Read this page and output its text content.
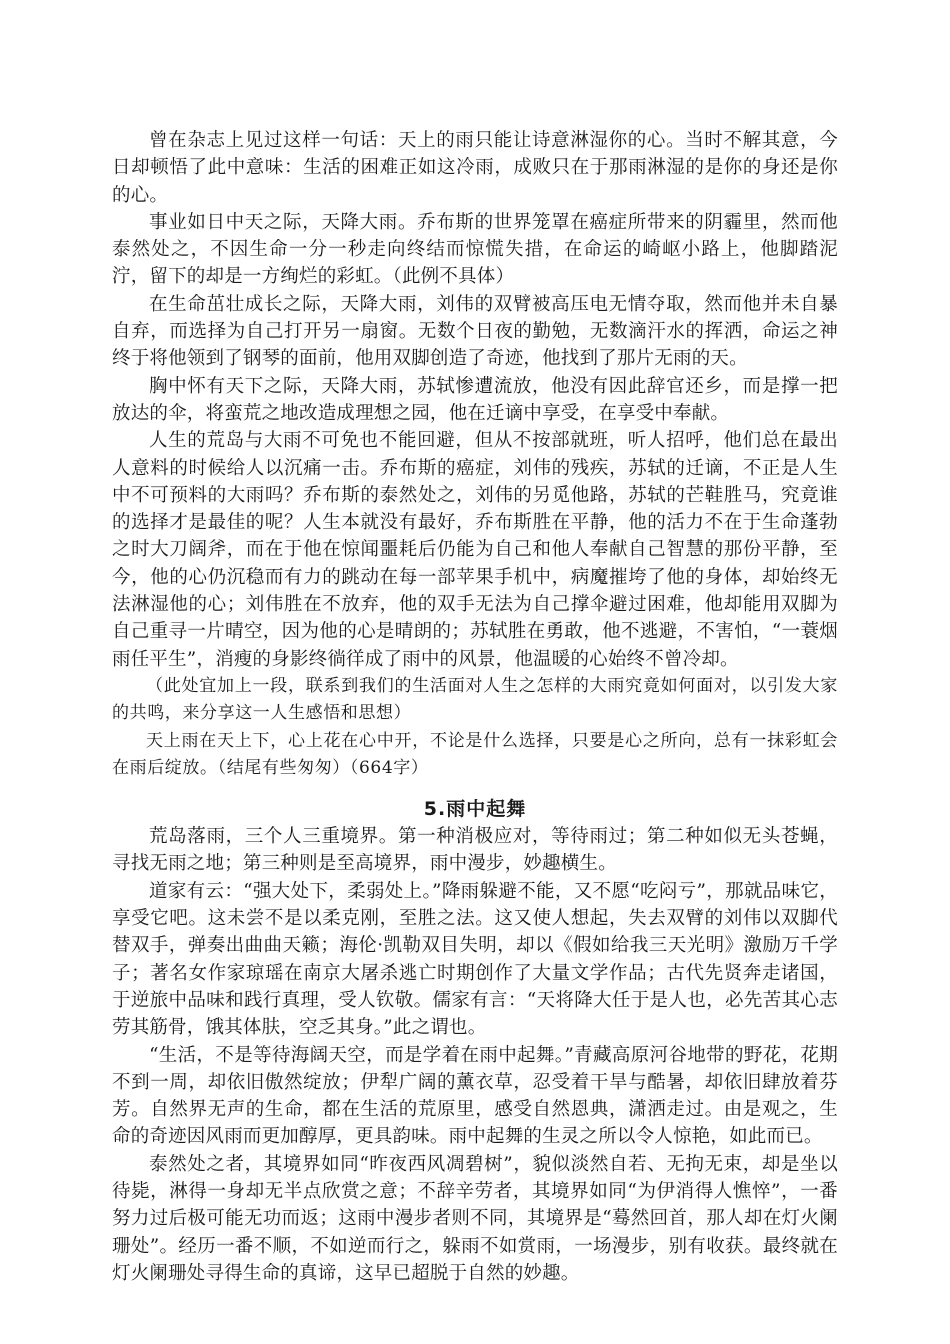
曾在杂志上见过这样一句话：天上的雨只能让诗意淋湿你的心。当时不解其意，今日却顿悟了此中意味：生活的困难正如这冷雨，成败只在于那雨淋湿的是你的身还是你的心。

事业如日中天之际，天降大雨。乔布斯的世界笼罩在癌症所带来的阴霾里，然而他泰然处之，不因生命一分一秒走向终结而惊慌失措，在命运的崎岖小路上，他脚踏泥泞，留下的却是一方绚烂的彩虹。（此例不具体）

在生命茁壮成长之际，天降大雨，刘伟的双臂被高压电无情夺取，然而他并未自暴自弃，而选择为自己打开另一扇窗。无数个日夜的勤勉，无数滴汗水的挥洒，命运之神终于将他领到了钢琴的面前，他用双脚创造了奇迹，他找到了那片无雨的天。

胸中怀有天下之际，天降大雨，苏轼惨遭流放，他没有因此辞官还乡，而是撑一把放达的伞，将蛮荒之地改造成理想之园，他在迁谪中享受，在享受中奉献。

人生的荒岛与大雨不可免也不能回避，但从不按部就班，听人招呼，他们总在最出人意料的时候给人以沉痛一击。乔布斯的癌症，刘伟的残疾，苏轼的迁谪，不正是人生中不可预料的大雨吗？乔布斯的泰然处之，刘伟的另觅他路，苏轼的芒鞋胜马，究竟谁的选择才是最佳的呢？人生本就没有最好，乔布斯胜在平静，他的活力不在于生命蓬勃之时大刀阔斧，而在于他在惊闻噩耗后仍能为自己和他人奉献自己智慧的那份平静，至今，他的心仍沉稳而有力的跳动在每一部苹果手机中，病魔摧垮了他的身体，却始终无法淋湿他的心；刘伟胜在不放弃，他的双手无法为自己撑伞避过困难，他却能用双脚为自己重寻一片晴空，因为他的心是晴朗的；苏轼胜在勇敢，他不逃避，不害怕，“一蓑烟雨任平生”，消瘦的身影终徜徉成了雨中的风景，他温暖的心始终不曾冷却。

（此处宜加上一段，联系到我们的生活面对人生之怎样的大雨究竟如何面对，以引发大家的共鸣，来分享这一人生感悟和思想）

天上雨在天上下，心上花在心中开，不论是什么选择，只要是心之所向，总有一抹彩虹会在雨后绽放。（结尾有些匆匆）（664字）

5.雨中起舞

荒岛落雨，三个人三重境界。第一种消极应对，等待雨过；第二种如似无头苍蝇，寻找无雨之地；第三种则是至高境界，雨中漫步，妙趣横生。

道家有云：“强大处下，柔弱处上。”降雨躲避不能，又不愿“吃闷亏”，那就品味它，享受它吧。这未尝不是以柔克刚，至胜之法。这又使人想起，失去双臂的刘伟以双脚代替双手，弹奏出曲曲天籁；海伦·凯勒双目失明，却以《假如给我三天光明》激励万千学子；著名女作家琼瑶在南京大屠杀逃亡时期创作了大量文学作品；古代先贤奔走诸国，于逆旅中品味和践行真理，受人钦敬。儒家有言：“天将降大任于是人也，必先苦其心志劳其筋骨，饿其体肤，空乏其身。”此之谓也。

“生活，不是等待海阔天空，而是学着在雨中起舞。”青藏高原河谷地带的野花，花期不到一周，却依旧傲然绽放；伊犁广阔的薰衣草，忍受着干旱与酷暑，却依旧肆放着芬芳。自然界无声的生命，都在生活的荒原里，感受自然恩典，潇洒走过。由是观之，生命的奇迹因风雨而更加醇厚，更具韵味。雨中起舞的生灵之所以令人惊艳，如此而已。

泰然处之者，其境界如同“昨夜西风凋碧树”，貌似淡然自若、无拘无束，却是坐以待毙，淋得一身却无半点欣赏之意；不辞辛劳者，其境界如同“为伊消得人憔悴”，一番努力过后极可能无功而返；这雨中漫步者则不同，其境界是“蓦然回首，那人却在灯火阑珊处”。经历一番不顺，不如逆而行之，躲雨不如赏雨，一场漫步，别有收获。最终就在灯火阑珊处寻得生命的真谛，这早已超脱于自然的妙趣。
